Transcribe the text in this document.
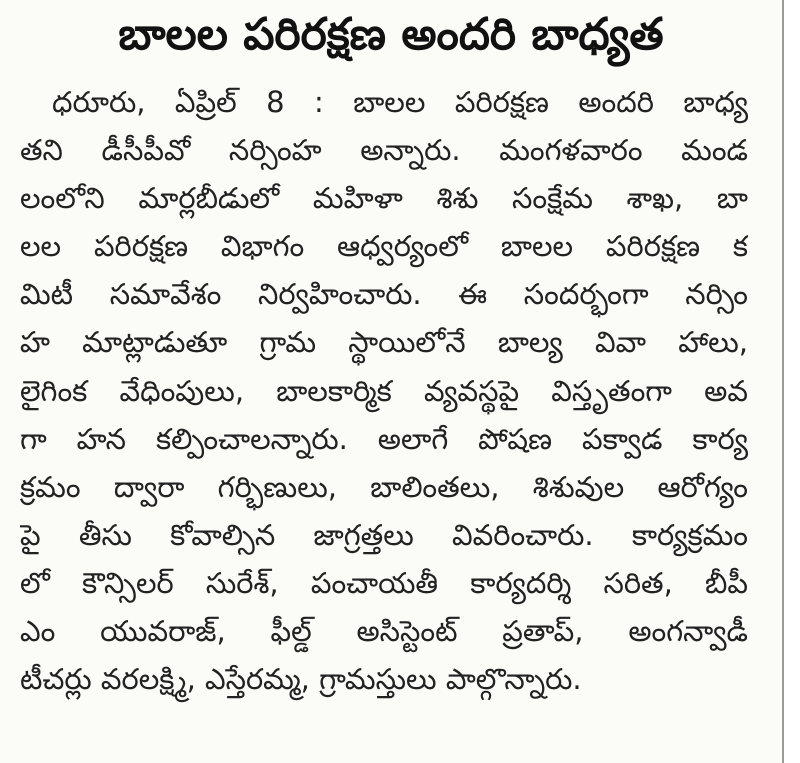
బాలల పరిరక్షణ అందరి బాధ్యత
ధరూరు, ఏప్రిల్ 8 : బాలల పరిరక్షణ అందరి బాధ్య
తని డీసీపీవో నర్సింహ అన్నారు. మంగళవారం మండ
లంలోని మార్లబీడులో మహిళా శిశు సంక్షేమ శాఖ, బా
లల పరిరక్షణ విభాగం ఆధ్వర్యంలో బాలల పరిరక్షణ క
మిటీ సమావేశం నిర్వహించారు. ఈ సందర్భంగా నర్సిం
హ మాట్లాడుతూ గ్రామ స్థాయిలోనే బాల్య వివా హాలు,
లైగింక వేధింపులు, బాలకార్మిక వ్యవస్థపై విస్తృతంగా అవ
గా హన కల్పించాలన్నారు. అలాగే పోషణ పక్వాడ కార్య
క్రమం ద్వారా గర్భిణులు, బాలింతలు, శిశువుల ఆరోగ్యం
పై తీసు కోవాల్సిన జాగ్రత్తలు వివరించారు. కార్యక్రమం
లో కౌన్సిలర్ సురేశ్, పంచాయతీ కార్యదర్శి సరిత, బీపీ
ఎం యువరాజ్, ఫీల్డ్ అసిస్టెంట్ ప్రతాప్, అంగన్వాడీ
టీచర్లు వరలక్ష్మి, ఎస్తేరమ్మ, గ్రామస్తులు పాల్గొన్నారు.
